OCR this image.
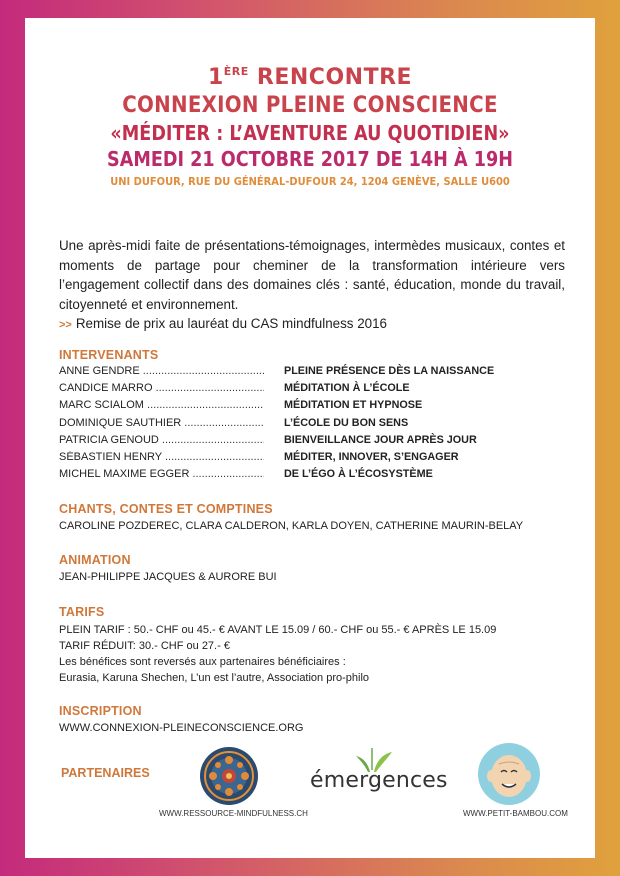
1ÈRE RENCONTRE
CONNEXION PLEINE CONSCIENCE
«MÉDITER : L’AVENTURE AU QUOTIDIEN»
SAMEDI 21 OCTOBRE 2017 DE 14H À 19H
UNI DUFOUR, RUE DU GÉNÉRAL-DUFOUR 24, 1204 GENÈVE, SALLE U600
Une après-midi faite de présentations-témoignages, intermèdes musicaux, contes et moments de partage pour cheminer de la transformation intérieure vers l’engagement collectif dans des domaines clés : santé, éducation, monde du travail, citoyenneté et environnement.
>> Remise de prix au lauréat du CAS mindfulness 2016
INTERVENANTS
ANNE GENDRE .....	PLEINE PRÉSENCE DÈS LA NAISSANCE
CANDICE MARRO .....	MÉDITATION À L’ÉCOLE
MARC SCIALOM .....	MÉDITATION ET HYPNOSE
DOMINIQUE SAUTHIER .....	L’ÉCOLE DU BON SENS
PATRICIA GENOUD .....	BIENVEILLANCE JOUR APRÈS JOUR
SÉBASTIEN HENRY .....	MÉDITER, INNOVER, S’ENGAGER
MICHEL MAXIME EGGER .....	DE L’ÉGO À L’ÉCOSYSTÈME
CHANTS, CONTES ET COMPTINES
CAROLINE POZDEREC, CLARA CALDERON, KARLA DOYEN, CATHERINE MAURIN-BELAY
ANIMATION
JEAN-PHILIPPE JACQUES & AURORE BUI
TARIFS
PLEIN TARIF : 50.- CHF ou 45.- € AVANT LE 15.09 / 60.- CHF ou 55.- € APRÈS LE 15.09
TARIF RÉDUIT: 30.- CHF ou 27.- €
Les bénéfices sont reversés aux partenaires bénéficiaires :
Eurasia, Karuna Shechen, L’un est l’autre, Association pro-philo
INSCRIPTION
WWW.CONNEXION-PLEINECONSCIENCE.ORG
PARTENAIRES	émergences
WWW.RESSOURCE-MINDFULNESS.CH	WWW.PETIT-BAMBOU.COM
